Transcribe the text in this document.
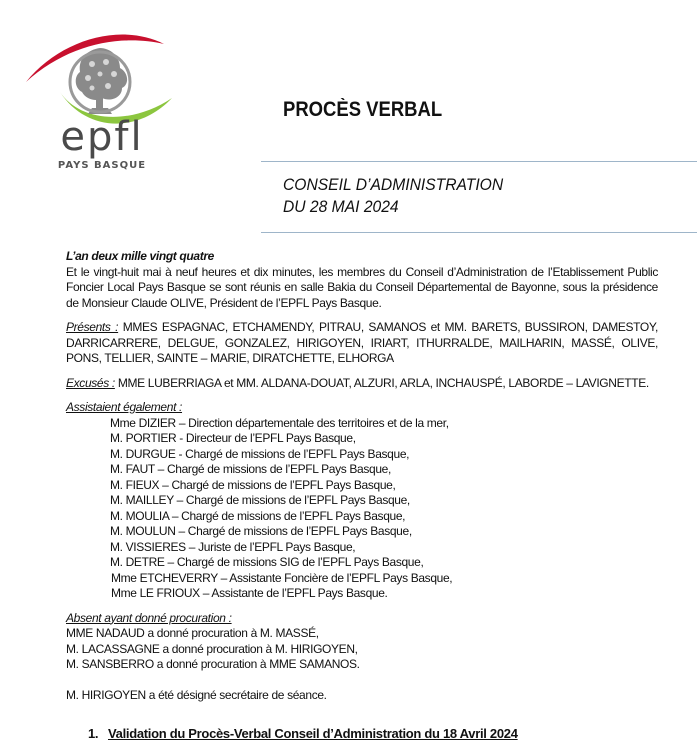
epfl
PAYS BASQUE
PROCÈS VERBAL
CONSEIL D’ADMINISTRATION
DU 28 MAI 2024

L’an deux mille vingt quatre

Et le vingt-huit mai à neuf heures et dix minutes, les membres du Conseil d’Administration de l’Etablissement Public Foncier Local Pays Basque se sont réunis en salle Bakia du Conseil Départemental de Bayonne, sous la présidence de Monsieur Claude OLIVE, Président de l’EPFL Pays Basque.

Présents : MMES ESPAGNAC, ETCHAMENDY, PITRAU, SAMANOS et MM. BARETS, BUSSIRON, DAMESTOY, DARRICARRERE, DELGUE, GONZALEZ, HIRIGOYEN, IRIART, ITHURRALDE, MAILHARIN, MASSÉ, OLIVE, PONS, TELLIER, SAINTE – MARIE, DIRATCHETTE, ELHORGA

Excusés : MME LUBERRIAGA et MM. ALDANA-DOUAT, ALZURI, ARLA, INCHAUSPÉ, LABORDE – LAVIGNETTE.

Assistaient également :

Mme DIZIER – Direction départementale des territoires et de la mer,
M. PORTIER - Directeur de l’EPFL Pays Basque,
M. DURGUE - Chargé de missions de l’EPFL Pays Basque,
M. FAUT – Chargé de missions de l’EPFL Pays Basque,
M. FIEUX – Chargé de missions de l’EPFL Pays Basque,
M. MAILLEY – Chargé de missions de l’EPFL Pays Basque,
M. MOULIA – Chargé de missions de l’EPFL Pays Basque,
M. MOULUN – Chargé de missions de l’EPFL Pays Basque,
M. VISSIERES – Juriste de l’EPFL Pays Basque,
M. DETRE – Chargé de missions SIG de l’EPFL Pays Basque,
Mme ETCHEVERRY – Assistante Foncière de l’EPFL Pays Basque,
Mme LE FRIOUX – Assistante de l’EPFL Pays Basque.

Absent ayant donné procuration :

MME NADAUD a donné procuration à M. MASSÉ,
M. LACASSAGNE a donné procuration à M. HIRIGOYEN,
M. SANSBERRO a donné procuration à MME SAMANOS.

M. HIRIGOYEN a été désigné secrétaire de séance.

1. Validation du Procès-Verbal Conseil d’Administration du 18 Avril 2024
